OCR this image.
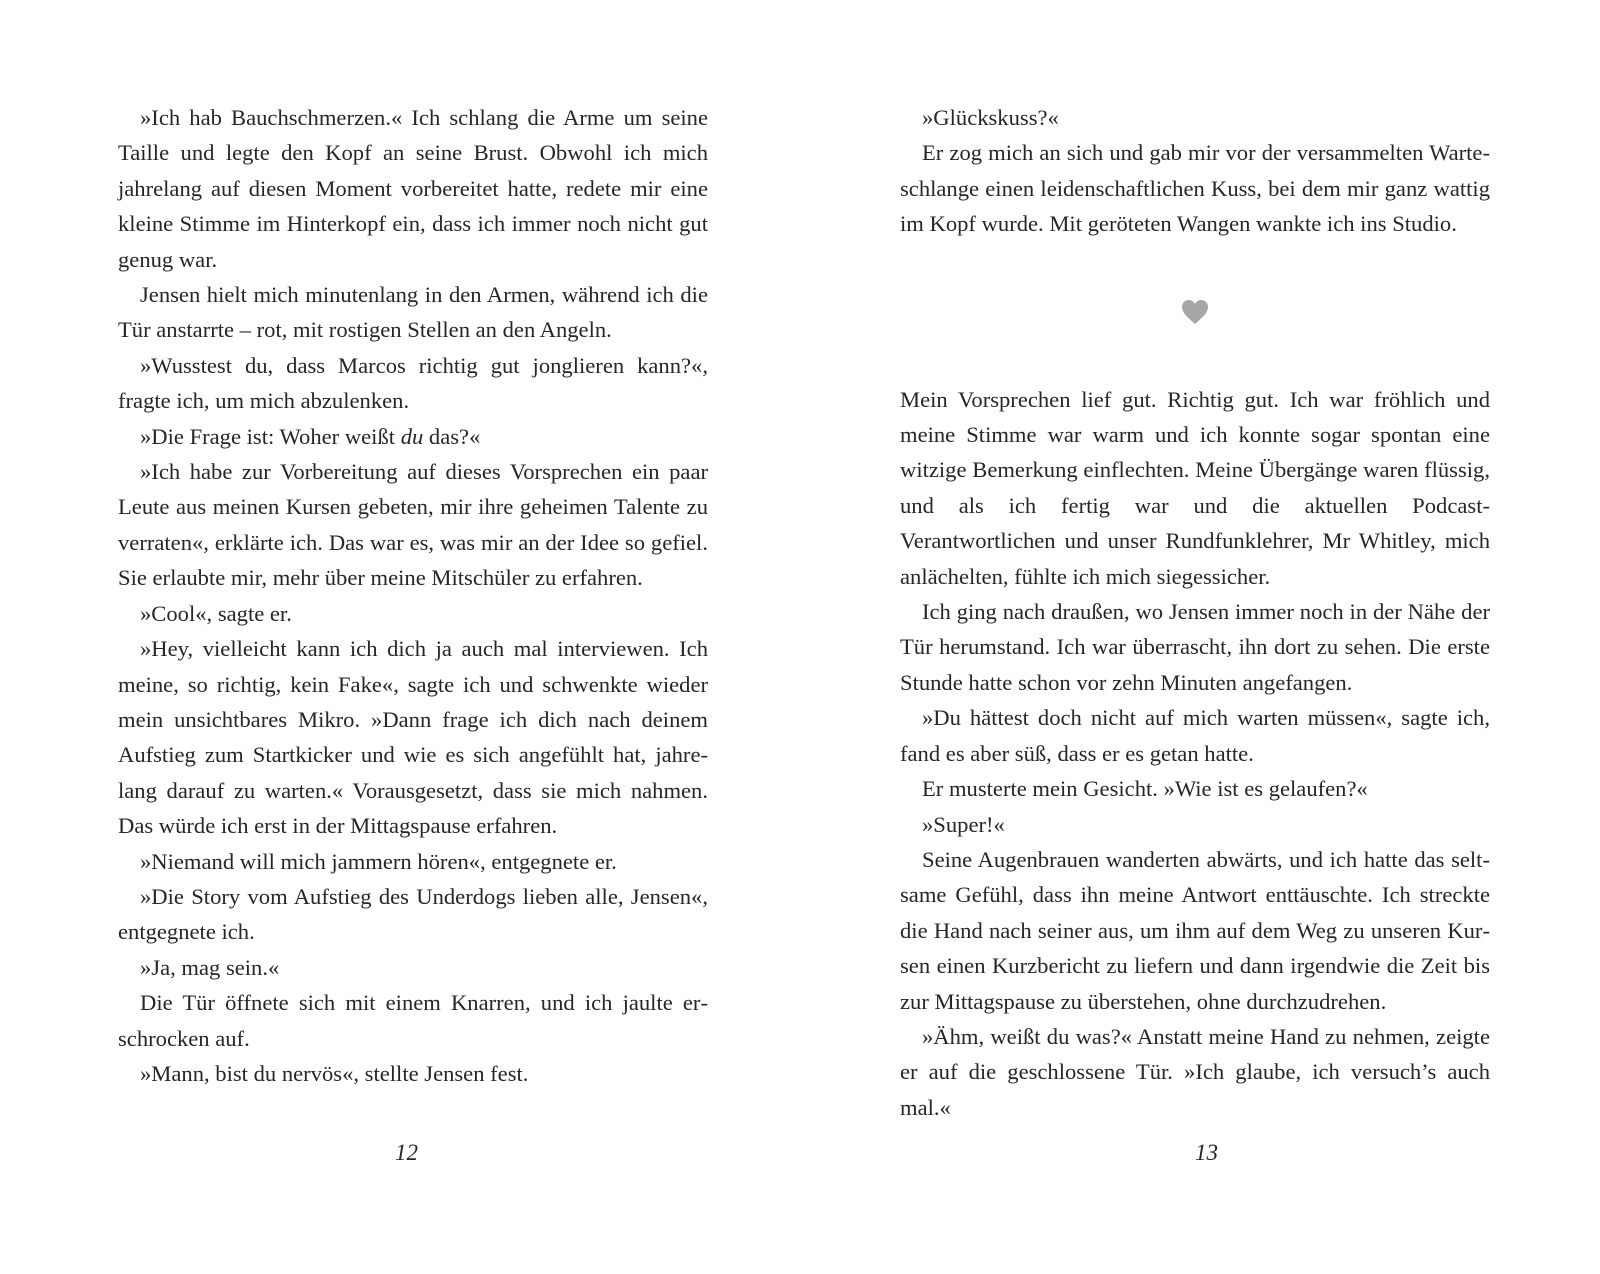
»Ich hab Bauchschmerzen.« Ich schlang die Arme um seine Taille und legte den Kopf an seine Brust. Obwohl ich mich jahrelang auf diesen Moment vorbereitet hatte, redete mir eine kleine Stimme im Hinterkopf ein, dass ich immer noch nicht gut genug war.

Jensen hielt mich minutenlang in den Armen, während ich die Tür anstarrte – rot, mit rostigen Stellen an den Angeln.

»Wusstest du, dass Marcos richtig gut jonglieren kann?«, fragte ich, um mich abzulenken.

»Die Frage ist: Woher weißt du das?«

»Ich habe zur Vorbereitung auf dieses Vorsprechen ein paar Leute aus meinen Kursen gebeten, mir ihre geheimen Talente zu verraten«, erklärte ich. Das war es, was mir an der Idee so gefiel. Sie erlaubte mir, mehr über meine Mitschüler zu erfahren.

»Cool«, sagte er.

»Hey, vielleicht kann ich dich ja auch mal interviewen. Ich meine, so richtig, kein Fake«, sagte ich und schwenkte wieder mein unsichtbares Mikro. »Dann frage ich dich nach deinem Aufstieg zum Startkicker und wie es sich angefühlt hat, jahrelang darauf zu warten.« Vorausgesetzt, dass sie mich nahmen. Das würde ich erst in der Mittagspause erfahren.

»Niemand will mich jammern hören«, entgegnete er.

»Die Story vom Aufstieg des Underdogs lieben alle, Jensen«, entgegnete ich.

»Ja, mag sein.«

Die Tür öffnete sich mit einem Knarren, und ich jaulte erschrocken auf.

»Mann, bist du nervös«, stellte Jensen fest.

12

»Glückskuss?«

Er zog mich an sich und gab mir vor der versammelten Warteschlange einen leidenschaftlichen Kuss, bei dem mir ganz wattig im Kopf wurde. Mit geröteten Wangen wankte ich ins Studio.

Mein Vorsprechen lief gut. Richtig gut. Ich war fröhlich und meine Stimme war warm und ich konnte sogar spontan eine witzige Bemerkung einflechten. Meine Übergänge waren flüssig, und als ich fertig war und die aktuellen Podcast-Verantwortlichen und unser Rundfunklehrer, Mr Whitley, mich anlächelten, fühlte ich mich siegessicher.

Ich ging nach draußen, wo Jensen immer noch in der Nähe der Tür herumstand. Ich war überrascht, ihn dort zu sehen. Die erste Stunde hatte schon vor zehn Minuten angefangen.

»Du hättest doch nicht auf mich warten müssen«, sagte ich, fand es aber süß, dass er es getan hatte.

Er musterte mein Gesicht. »Wie ist es gelaufen?«

»Super!«

Seine Augenbrauen wanderten abwärts, und ich hatte das seltsame Gefühl, dass ihn meine Antwort enttäuschte. Ich streckte die Hand nach seiner aus, um ihm auf dem Weg zu unseren Kursen einen Kurzbericht zu liefern und dann irgendwie die Zeit bis zur Mittagspause zu überstehen, ohne durchzudrehen.

»Ähm, weißt du was?« Anstatt meine Hand zu nehmen, zeigte er auf die geschlossene Tür. »Ich glaube, ich versuch’s auch mal.«

13
